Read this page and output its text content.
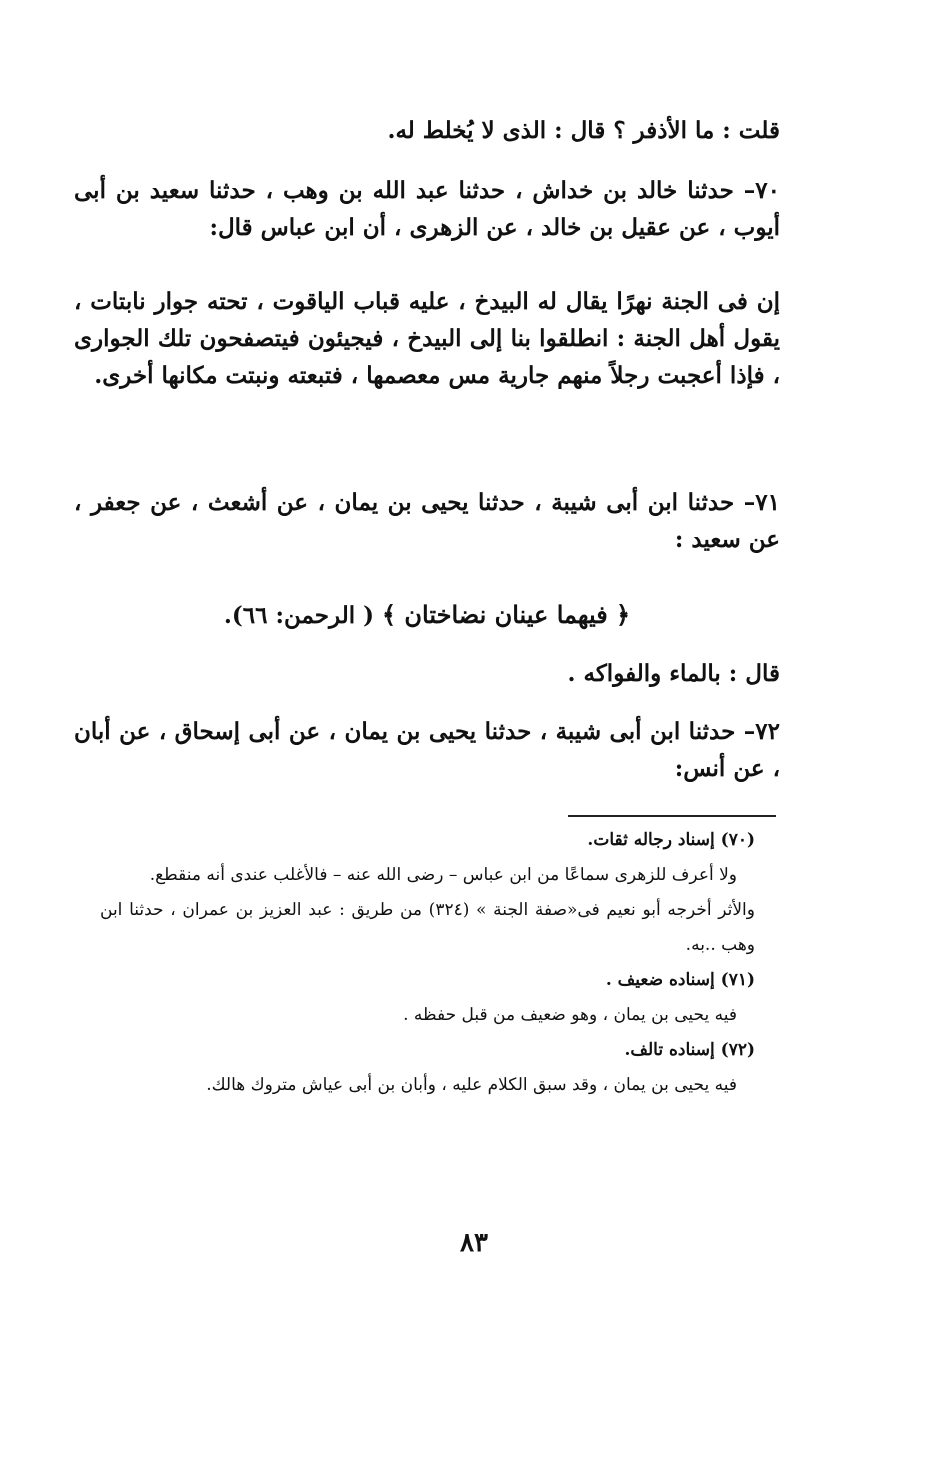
قلت : ما الأذفر ؟ قال : الذى لا يُخلط له.
٧٠– حدثنا خالد بن خداش ، حدثنا عبد الله بن وهب ، حدثنا سعيد بن أبى أيوب ، عن عقيل بن خالد ، عن الزهرى ، أن ابن عباس قال:
إن فى الجنة نهرًا يقال له البيدخ ، عليه قباب الياقوت ، تحته جوار نابتات ، يقول أهل الجنة : انطلقوا بنا إلى البيدخ ، فيجيئون فيتصفحون تلك الجوارى ، فإذا أعجبت رجلاً منهم جارية مس معصمها ، فتبعته ونبتت مكانها أخرى.
٧١– حدثنا ابن أبى شيبة ، حدثنا يحيى بن يمان ، عن أشعث ، عن جعفر ، عن سعيد :
﴿ فيهما عينان نضاختان ﴾ ( الرحمن: ٦٦).
قال : بالماء والفواكه .
٧٢– حدثنا ابن أبى شيبة ، حدثنا يحيى بن يمان ، عن أبى إسحاق ، عن أبان ، عن أنس:
(٧٠) إسناد رجاله ثقات.
ولا أعرف للزهرى سماعًا من ابن عباس – رضى الله عنه – فالأغلب عندى أنه منقطع.
والأثر أخرجه أبو نعيم فى«صفة الجنة » (٣٢٤) من طريق : عبد العزيز بن عمران ، حدثنا ابن وهب ..به.
(٧١) إسناده ضعيف .
فيه يحيى بن يمان ، وهو ضعيف من قبل حفظه .
(٧٢) إسناده تالف.
فيه يحيى بن يمان ، وقد سبق الكلام عليه ، وأبان بن أبى عياش متروك هالك.
٨٣
